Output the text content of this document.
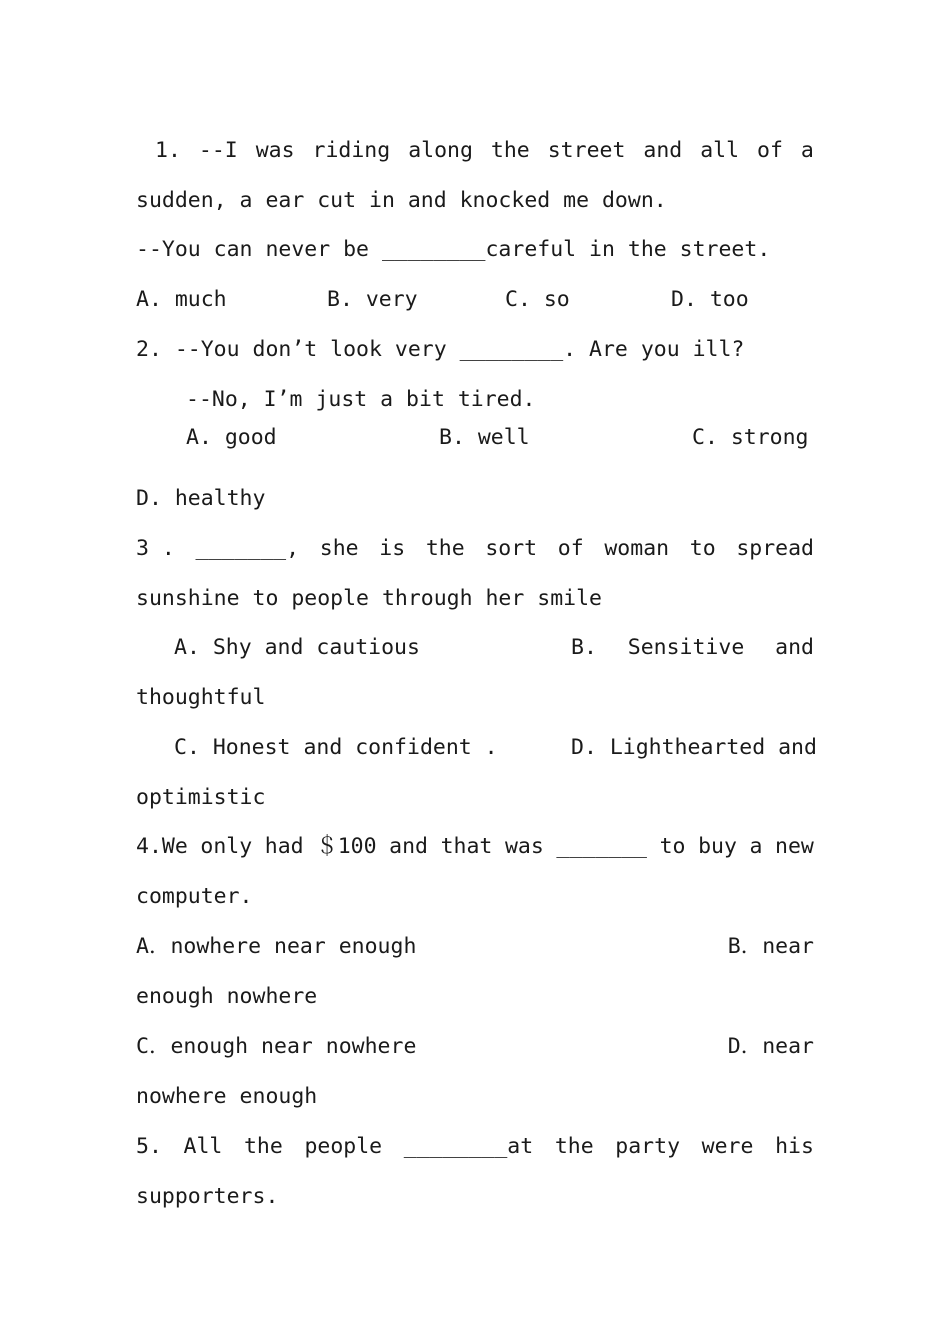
1. --I was riding along the street and all of a
sudden, a ear cut in and knocked me down.
--You can never be ________careful in the street.
A. much	B. very	C. so	D. too
2. --You don’t look very ________. Are you ill?
--No, I’m just a bit tired.
A. good	B. well	C. strong
D. healthy
3 . _______, she is the sort of woman to spread
sunshine to people through her smile
A. Shy and cautious	B. Sensitive and
thoughtful
C. Honest and confident .	D. Lighthearted and
optimistic
4.We only had ＄100 and that was _______ to buy a new
computer.
A．nowhere near enough	B．near
enough nowhere
C．enough near nowhere	D．near
nowhere enough
5. All the people ________at the party were his
supporters.
